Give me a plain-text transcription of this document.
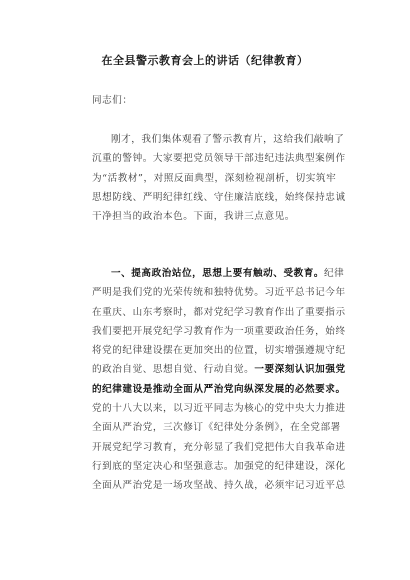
在全县警示教育会上的讲话（纪律教育）
同志们：
刚才，我们集体观看了警示教育片，这给我们敲响了
沉重的警钟。大家要把党员领导干部违纪违法典型案例作
为“活教材”，对照反面典型，深刻检视剖析，切实筑牢
思想防线、严明纪律红线、守住廉洁底线，始终保持忠诚
干净担当的政治本色。下面，我讲三点意见。
一、提高政治站位，思想上要有触动、受教育。纪律
严明是我们党的光荣传统和独特优势。习近平总书记今年
在重庆、山东考察时，都对党纪学习教育作出了重要指示
我们要把开展党纪学习教育作为一项重要政治任务，始终
将党的纪律建设摆在更加突出的位置，切实增强遵规守纪
的政治自觉、思想自觉、行动自觉。一要深刻认识加强党
的纪律建设是推动全面从严治党向纵深发展的必然要求。
党的十八大以来，以习近平同志为核心的党中央大力推进
全面从严治党，三次修订《纪律处分条例》，在全党部署
开展党纪学习教育，充分彰显了我们党把伟大自我革命进
行到底的坚定决心和坚强意志。加强党的纪律建设，深化
全面从严治党是一场攻坚战、持久战，必须牢记习近平总
